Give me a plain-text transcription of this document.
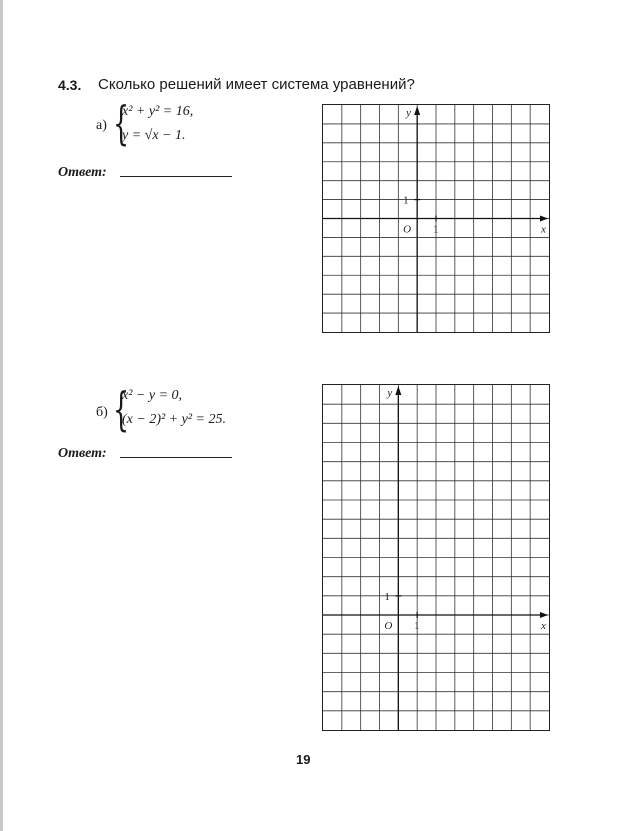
4.3. Сколько решений имеет система уравнений?
а) {
x² + y² = 16,
y = √x − 1.
Ответ:
x
y
O 1
1
б) {
x² − y = 0,
(x − 2)² + y² = 25.
Ответ:
x
y
O 1
1
19
